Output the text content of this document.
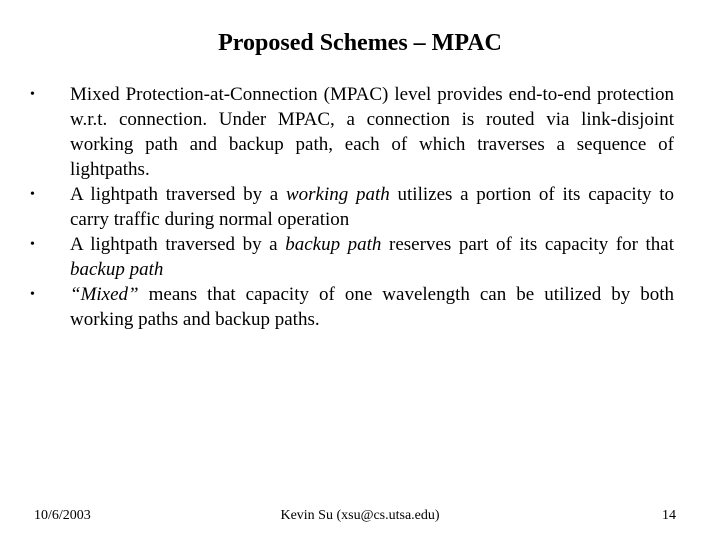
Proposed Schemes – MPAC
•	Mixed Protection-at-Connection (MPAC) level provides end-to-end protection w.r.t. connection. Under MPAC, a connection is routed via link-disjoint working path and backup path, each of which traverses a sequence of lightpaths.
•	A lightpath traversed by a working path utilizes a portion of its capacity to carry traffic during normal operation
•	A lightpath traversed by a backup path reserves part of its capacity for that backup path
•	“Mixed” means that capacity of one wavelength can be utilized by both working paths and backup paths.
10/6/2003	Kevin Su (xsu@cs.utsa.edu)	14
